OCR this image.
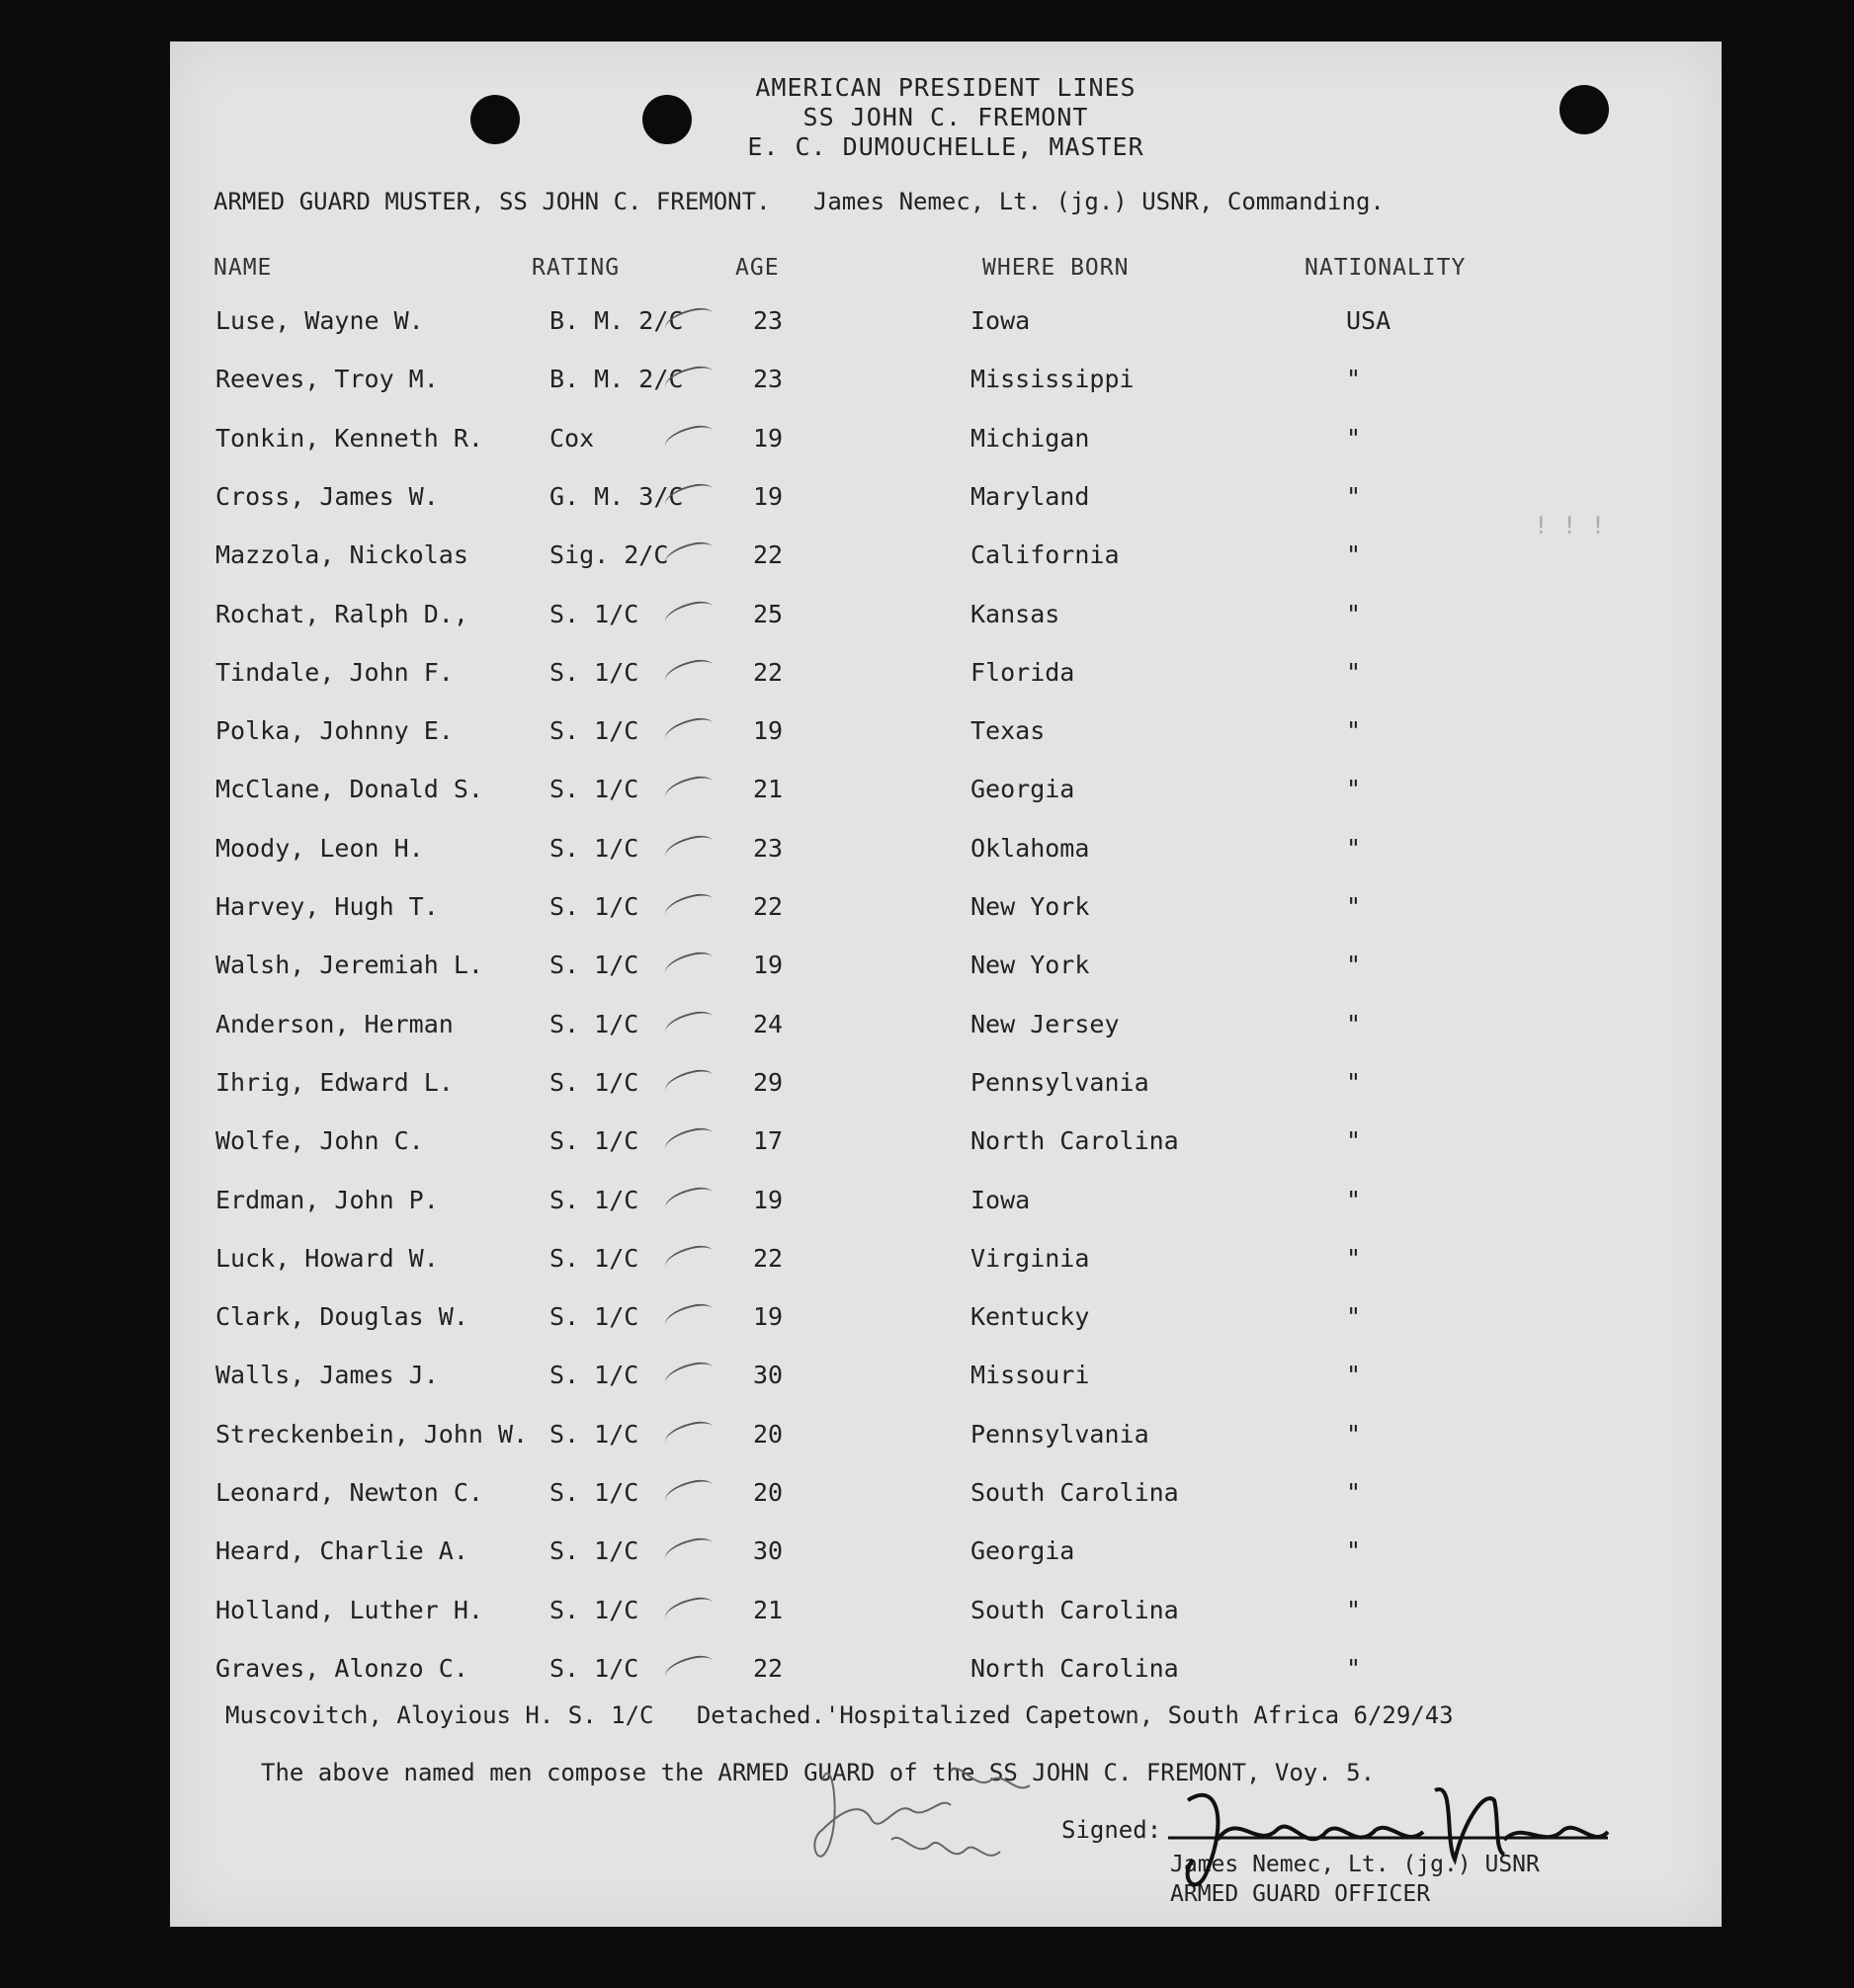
AMERICAN PRESIDENT LINES
SS JOHN C. FREMONT
E. C. DUMOUCHELLE, MASTER
ARMED GUARD MUSTER, SS JOHN C. FREMONT.   James Nemec, Lt. (jg.) USNR, Commanding.
NAME	RATING	AGE	WHERE BORN	NATIONALITY
Luse, Wayne W.	B. M. 2/C	23	Iowa	USA
Reeves, Troy M.	B. M. 2/C	23	Mississippi	"
Tonkin, Kenneth R.	Cox	19	Michigan	"
Cross, James W.	G. M. 3/C	19	Maryland	"
Mazzola, Nickolas	Sig. 2/C	22	California	"
Rochat, Ralph D.,	S. 1/C	25	Kansas	"
Tindale, John F.	S. 1/C	22	Florida	"
Polka, Johnny E.	S. 1/C	19	Texas	"
McClane, Donald S.	S. 1/C	21	Georgia	"
Moody, Leon H.	S. 1/C	23	Oklahoma	"
Harvey, Hugh T.	S. 1/C	22	New York	"
Walsh, Jeremiah L.	S. 1/C	19	New York	"
Anderson, Herman	S. 1/C	24	New Jersey	"
Ihrig, Edward L.	S. 1/C	29	Pennsylvania	"
Wolfe, John C.	S. 1/C	17	North Carolina	"
Erdman, John P.	S. 1/C	19	Iowa	"
Luck, Howard W.	S. 1/C	22	Virginia	"
Clark, Douglas W.	S. 1/C	19	Kentucky	"
Walls, James J.	S. 1/C	30	Missouri	"
Streckenbein, John W. S. 1/C	20	Pennsylvania	"
Leonard, Newton C.	S. 1/C	20	South Carolina	"
Heard, Charlie A.	S. 1/C	30	Georgia	"
Holland, Luther H.	S. 1/C	21	South Carolina	"
Graves, Alonzo C.	S. 1/C	22	North Carolina	"
! ! !
Muscovitch, Aloyious H. S. 1/C   Detached.'Hospitalized Capetown, South Africa 6/29/43
The above named men compose the ARMED GUARD of the SS JOHN C. FREMONT, Voy. 5.
Signed:
James Nemec, Lt. (jg.) USNR
ARMED GUARD OFFICER
